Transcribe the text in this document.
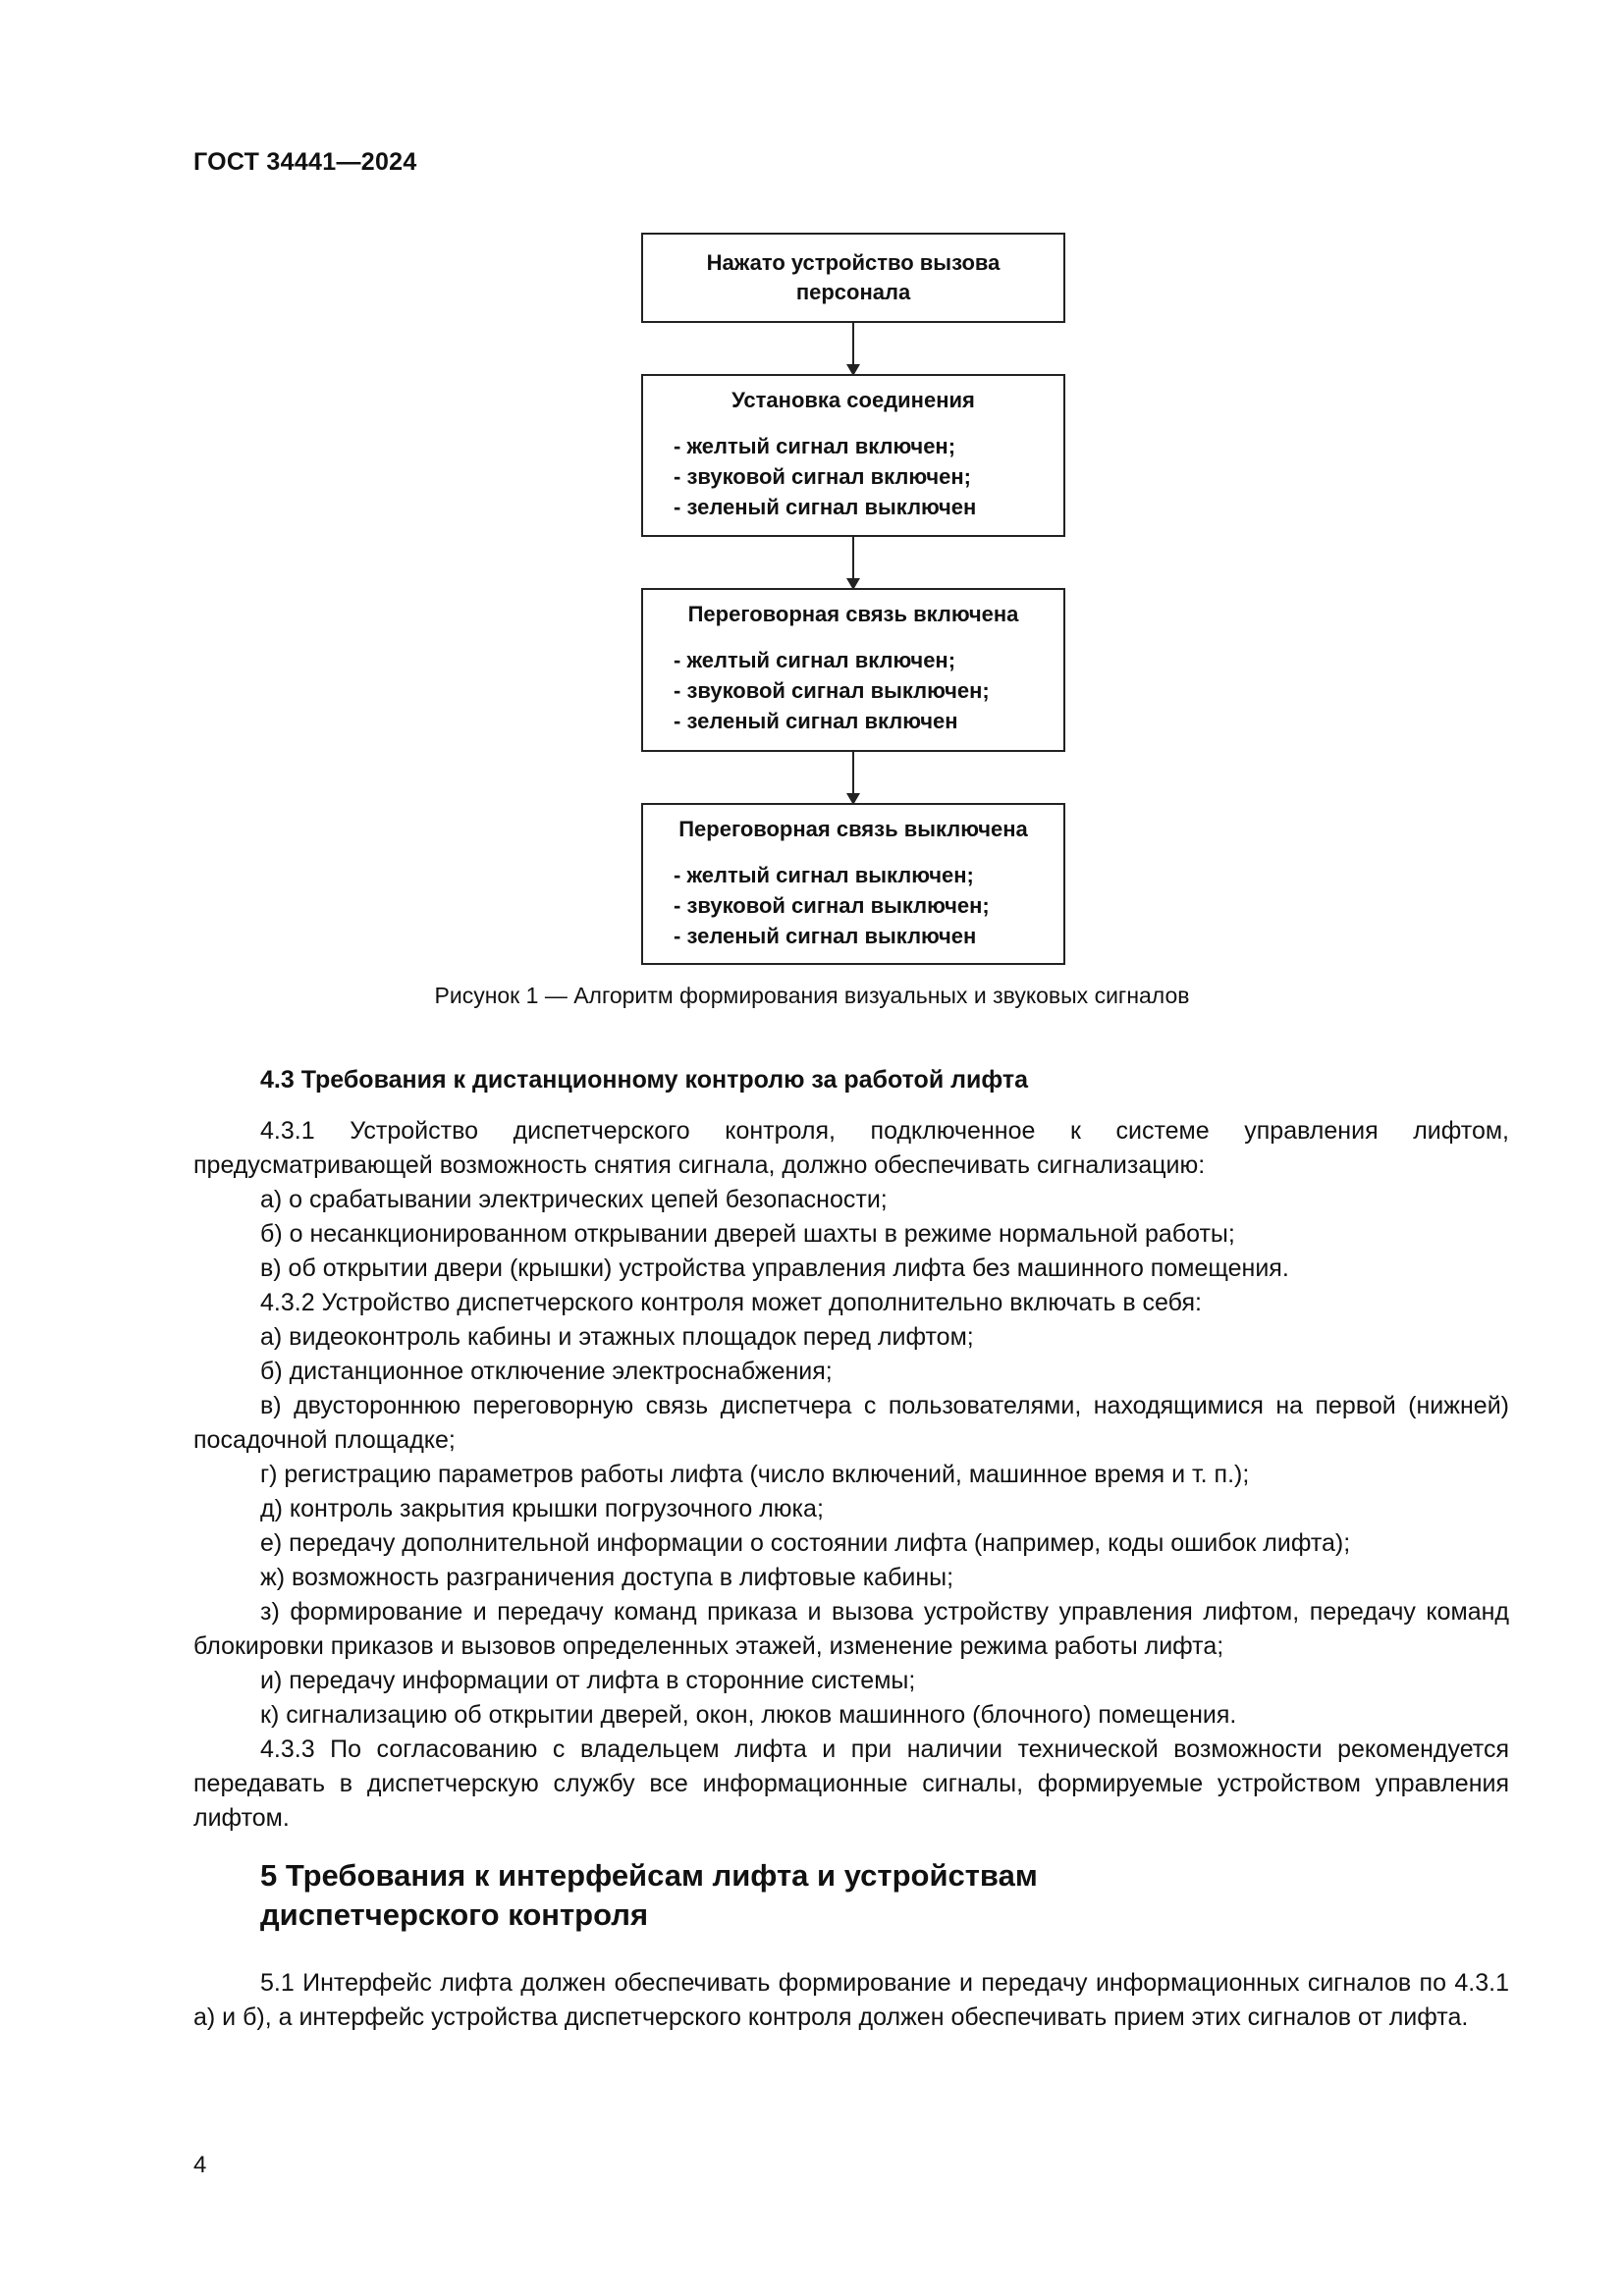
ГОСТ 34441—2024
Нажато устройство вызова персонала
Установка соединения
- желтый сигнал включен;
- звуковой сигнал включен;
- зеленый сигнал выключен
Переговорная связь включена
- желтый сигнал включен;
- звуковой сигнал выключен;
- зеленый сигнал включен
Переговорная связь выключена
- желтый сигнал выключен;
- звуковой сигнал выключен;
- зеленый сигнал выключен
Рисунок 1 — Алгоритм формирования визуальных и звуковых сигналов
4.3 Требования к дистанционному контролю за работой лифта

4.3.1 Устройство диспетчерского контроля, подключенное к системе управления лифтом, предусматривающей возможность снятия сигнала, должно обеспечивать сигнализацию:

а) о срабатывании электрических цепей безопасности;

б) о несанкционированном открывании дверей шахты в режиме нормальной работы;

в) об открытии двери (крышки) устройства управления лифта без машинного помещения.

4.3.2 Устройство диспетчерского контроля может дополнительно включать в себя:

а) видеоконтроль кабины и этажных площадок перед лифтом;

б) дистанционное отключение электроснабжения;

в) двустороннюю переговорную связь диспетчера с пользователями, находящимися на первой (нижней) посадочной площадке;

г) регистрацию параметров работы лифта (число включений, машинное время и т. п.);

д) контроль закрытия крышки погрузочного люка;

е) передачу дополнительной информации о состоянии лифта (например, коды ошибок лифта);

ж) возможность разграничения доступа в лифтовые кабины;

з) формирование и передачу команд приказа и вызова устройству управления лифтом, передачу команд блокировки приказов и вызовов определенных этажей, изменение режима работы лифта;

и) передачу информации от лифта в сторонние системы;

к) сигнализацию об открытии дверей, окон, люков машинного (блочного) помещения.

4.3.3 По согласованию с владельцем лифта и при наличии технической возможности рекомендуется передавать в диспетчерскую службу все информационные сигналы, формируемые устройством управления лифтом.

5 Требования к интерфейсам лифта и устройствам
диспетчерского контроля

5.1 Интерфейс лифта должен обеспечивать формирование и передачу информационных сигналов по 4.3.1 а) и б), а интерфейс устройства диспетчерского контроля должен обеспечивать прием этих сигналов от лифта.

4
